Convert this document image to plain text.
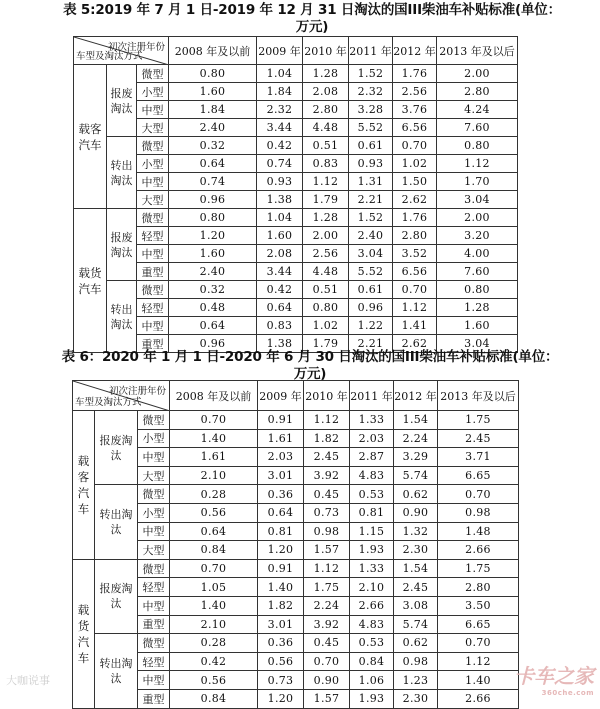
表 5:2019 年 7 月 1 日-2019 年 12 月 31 日淘汰的国III柴油车补贴标准(单位：万元)
初次注册年份
车型及淘汰方式			2008 年及以前	2009 年	2010 年	2011 年	2012 年	2013 年及以后
载客汽车	报废淘汰	微型	0.80	1.04	1.28	1.52	1.76	2.00
		小型	1.60	1.84	2.08	2.32	2.56	2.80
		中型	1.84	2.32	2.80	3.28	3.76	4.24
		大型	2.40	3.44	4.48	5.52	6.56	7.60
	转出淘汰	微型	0.32	0.42	0.51	0.61	0.70	0.80
		小型	0.64	0.74	0.83	0.93	1.02	1.12
		中型	0.74	0.93	1.12	1.31	1.50	1.70
		大型	0.96	1.38	1.79	2.21	2.62	3.04
载货汽车	报废淘汰	微型	0.80	1.04	1.28	1.52	1.76	2.00
		轻型	1.20	1.60	2.00	2.40	2.80	3.20
		中型	1.60	2.08	2.56	3.04	3.52	4.00
		重型	2.40	3.44	4.48	5.52	6.56	7.60
	转出淘汰	微型	0.32	0.42	0.51	0.61	0.70	0.80
		轻型	0.48	0.64	0.80	0.96	1.12	1.28
		中型	0.64	0.83	1.02	1.22	1.41	1.60
		重型	0.96	1.38	1.79	2.21	2.62	3.04
表 6：2020 年 1 月 1 日-2020 年 6 月 30 日淘汰的国III柴油车补贴标准(单位：万元)
初次注册年份
车型及淘汰方式			2008 年及以前	2009 年	2010 年	2011 年	2012 年	2013 年及以后
载客汽车	报废淘汰	微型	0.70	0.91	1.12	1.33	1.54	1.75
		小型	1.40	1.61	1.82	2.03	2.24	2.45
		中型	1.61	2.03	2.45	2.87	3.29	3.71
		大型	2.10	3.01	3.92	4.83	5.74	6.65
	转出淘汰	微型	0.28	0.36	0.45	0.53	0.62	0.70
		小型	0.56	0.64	0.73	0.81	0.90	0.98
		中型	0.64	0.81	0.98	1.15	1.32	1.48
		大型	0.84	1.20	1.57	1.93	2.30	2.66
载货汽车	报废淘汰	微型	0.70	0.91	1.12	1.33	1.54	1.75
		轻型	1.05	1.40	1.75	2.10	2.45	2.80
		中型	1.40	1.82	2.24	2.66	3.08	3.50
		重型	2.10	3.01	3.92	4.83	5.74	6.65
	转出淘汰	微型	0.28	0.36	0.45	0.53	0.62	0.70
		轻型	0.42	0.56	0.70	0.84	0.98	1.12
		中型	0.56	0.73	0.90	1.06	1.23	1.40
		重型	0.84	1.20	1.57	1.93	2.30	2.66
大咖说事	卡车之家
360che.com
